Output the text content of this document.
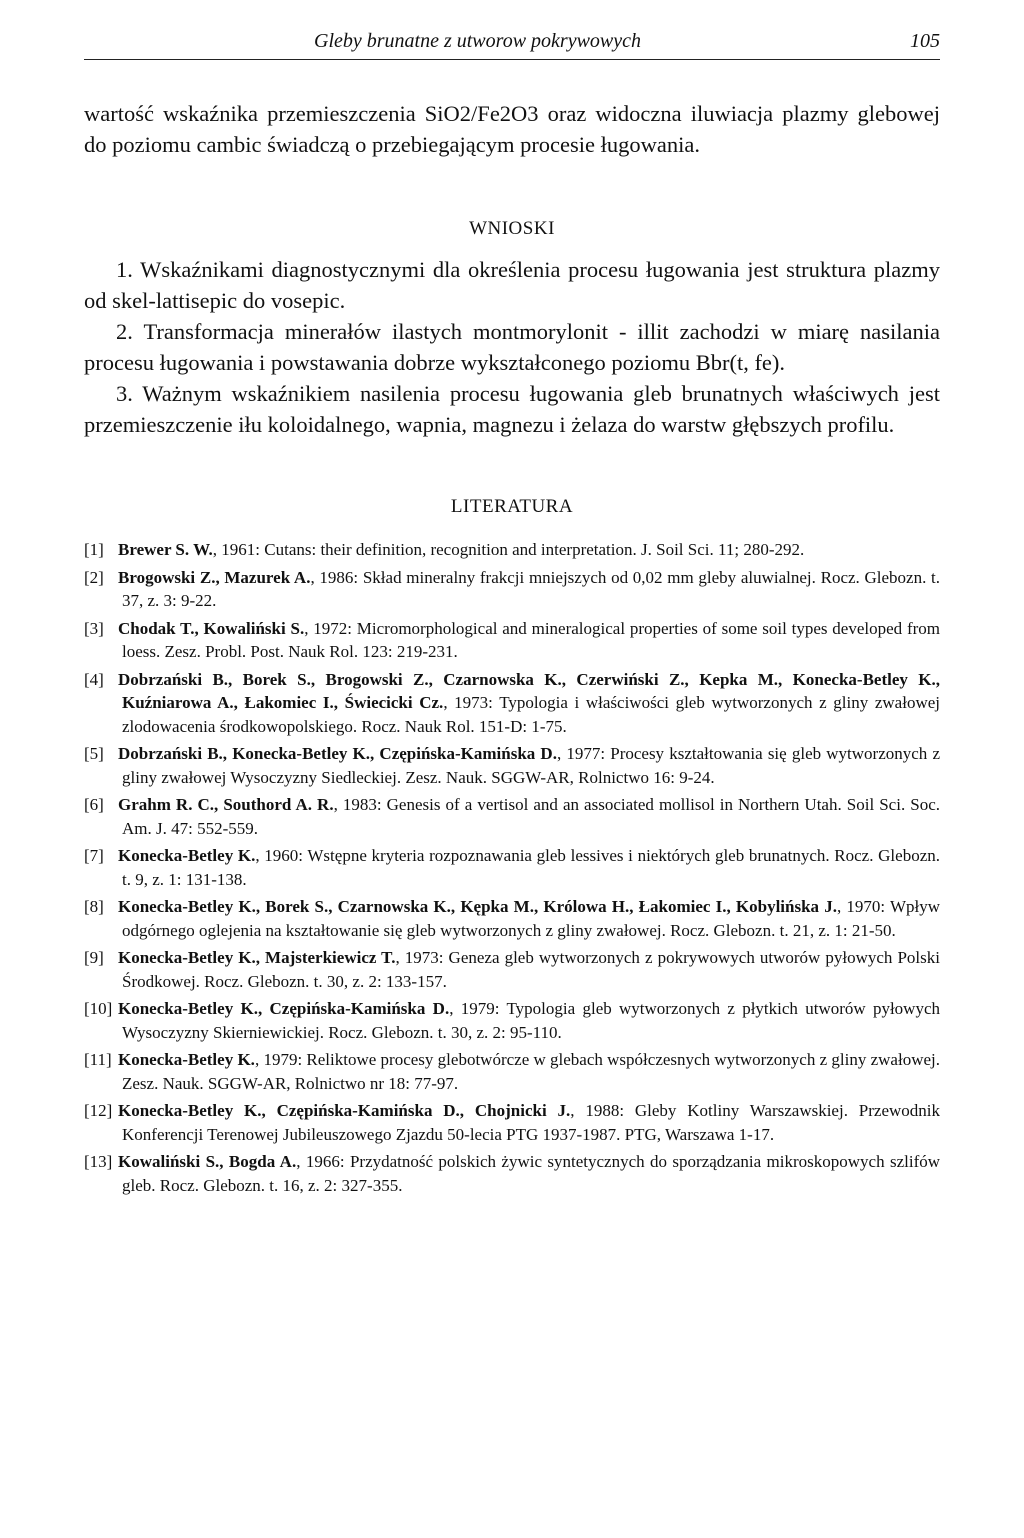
Gleby brunatne z utworow pokrywowych	105

wartość wskaźnika przemieszczenia SiO2/Fe2O3 oraz widoczna iluwiacja plazmy glebowej do poziomu cambic świadczą o przebiegającym procesie ługowania.

WNIOSKI

1. Wskaźnikami diagnostycznymi dla określenia procesu ługowania jest struktura plazmy od skel-lattisepic do vosepic.

2. Transformacja minerałów ilastych montmorylonit - illit zachodzi w miarę nasilania procesu ługowania i powstawania dobrze wykształconego poziomu Bbr(t, fe).

3. Ważnym wskaźnikiem nasilenia procesu ługowania gleb brunatnych właściwych jest przemieszczenie iłu koloidalnego, wapnia, magnezu i żelaza do warstw głębszych profilu.

LITERATURA
[1] Brewer S. W., 1961: Cutans: their definition, recognition and interpretation. J. Soil Sci. 11; 280-292.
[2] Brogowski Z., Mazurek A., 1986: Skład mineralny frakcji mniejszych od 0,02 mm gleby aluwialnej. Rocz. Glebozn. t. 37, z. 3: 9-22.
[3] Chodak T., Kowaliński S., 1972: Micromorphological and mineralogical properties of some soil types developed from loess. Zesz. Probl. Post. Nauk Rol. 123: 219-231.
[4] Dobrzański B., Borek S., Brogowski Z., Czarnowska K., Czerwiński Z., Kepka M., Konecka-Betley K., Kuźniarowa A., Łakomiec I., Świecicki Cz., 1973: Typologia i właściwości gleb wytworzonych z gliny zwałowej zlodowacenia środkowopolskiego. Rocz. Nauk Rol. 151-D: 1-75.
[5] Dobrzański B., Konecka-Betley K., Czępińska-Kamińska D., 1977: Procesy kształtowania się gleb wytworzonych z gliny zwałowej Wysoczyzny Siedleckiej. Zesz. Nauk. SGGW-AR, Rolnictwo 16: 9-24.
[6] Grahm R. C., Southord A. R., 1983: Genesis of a vertisol and an associated mollisol in Northern Utah. Soil Sci. Soc. Am. J. 47: 552-559.
[7] Konecka-Betley K., 1960: Wstępne kryteria rozpoznawania gleb lessives i niektórych gleb brunatnych. Rocz. Glebozn. t. 9, z. 1: 131-138.
[8] Konecka-Betley K., Borek S., Czarnowska K., Kępka M., Królowa H., Łakomiec I., Kobylińska J., 1970: Wpływ odgórnego oglejenia na kształtowanie się gleb wytworzonych z gliny zwałowej. Rocz. Glebozn. t. 21, z. 1: 21-50.
[9] Konecka-Betley K., Majsterkiewicz T., 1973: Geneza gleb wytworzonych z pokrywowych utworów pyłowych Polski Środkowej. Rocz. Glebozn. t. 30, z. 2: 133-157.
[10] Konecka-Betley K., Czępińska-Kamińska D., 1979: Typologia gleb wytworzonych z płytkich utworów pyłowych Wysoczyzny Skierniewickiej. Rocz. Glebozn. t. 30, z. 2: 95-110.
[11] Konecka-Betley K., 1979: Reliktowe procesy glebotwórcze w glebach współczesnych wytworzonych z gliny zwałowej. Zesz. Nauk. SGGW-AR, Rolnictwo nr 18: 77-97.
[12] Konecka-Betley K., Czępińska-Kamińska D., Chojnicki J., 1988: Gleby Kotliny Warszawskiej. Przewodnik Konferencji Terenowej Jubileuszowego Zjazdu 50-lecia PTG 1937-1987. PTG, Warszawa 1-17.
[13] Kowaliński S., Bogda A., 1966: Przydatność polskich żywic syntetycznych do sporządzania mikroskopowych szlifów gleb. Rocz. Glebozn. t. 16, z. 2: 327-355.
